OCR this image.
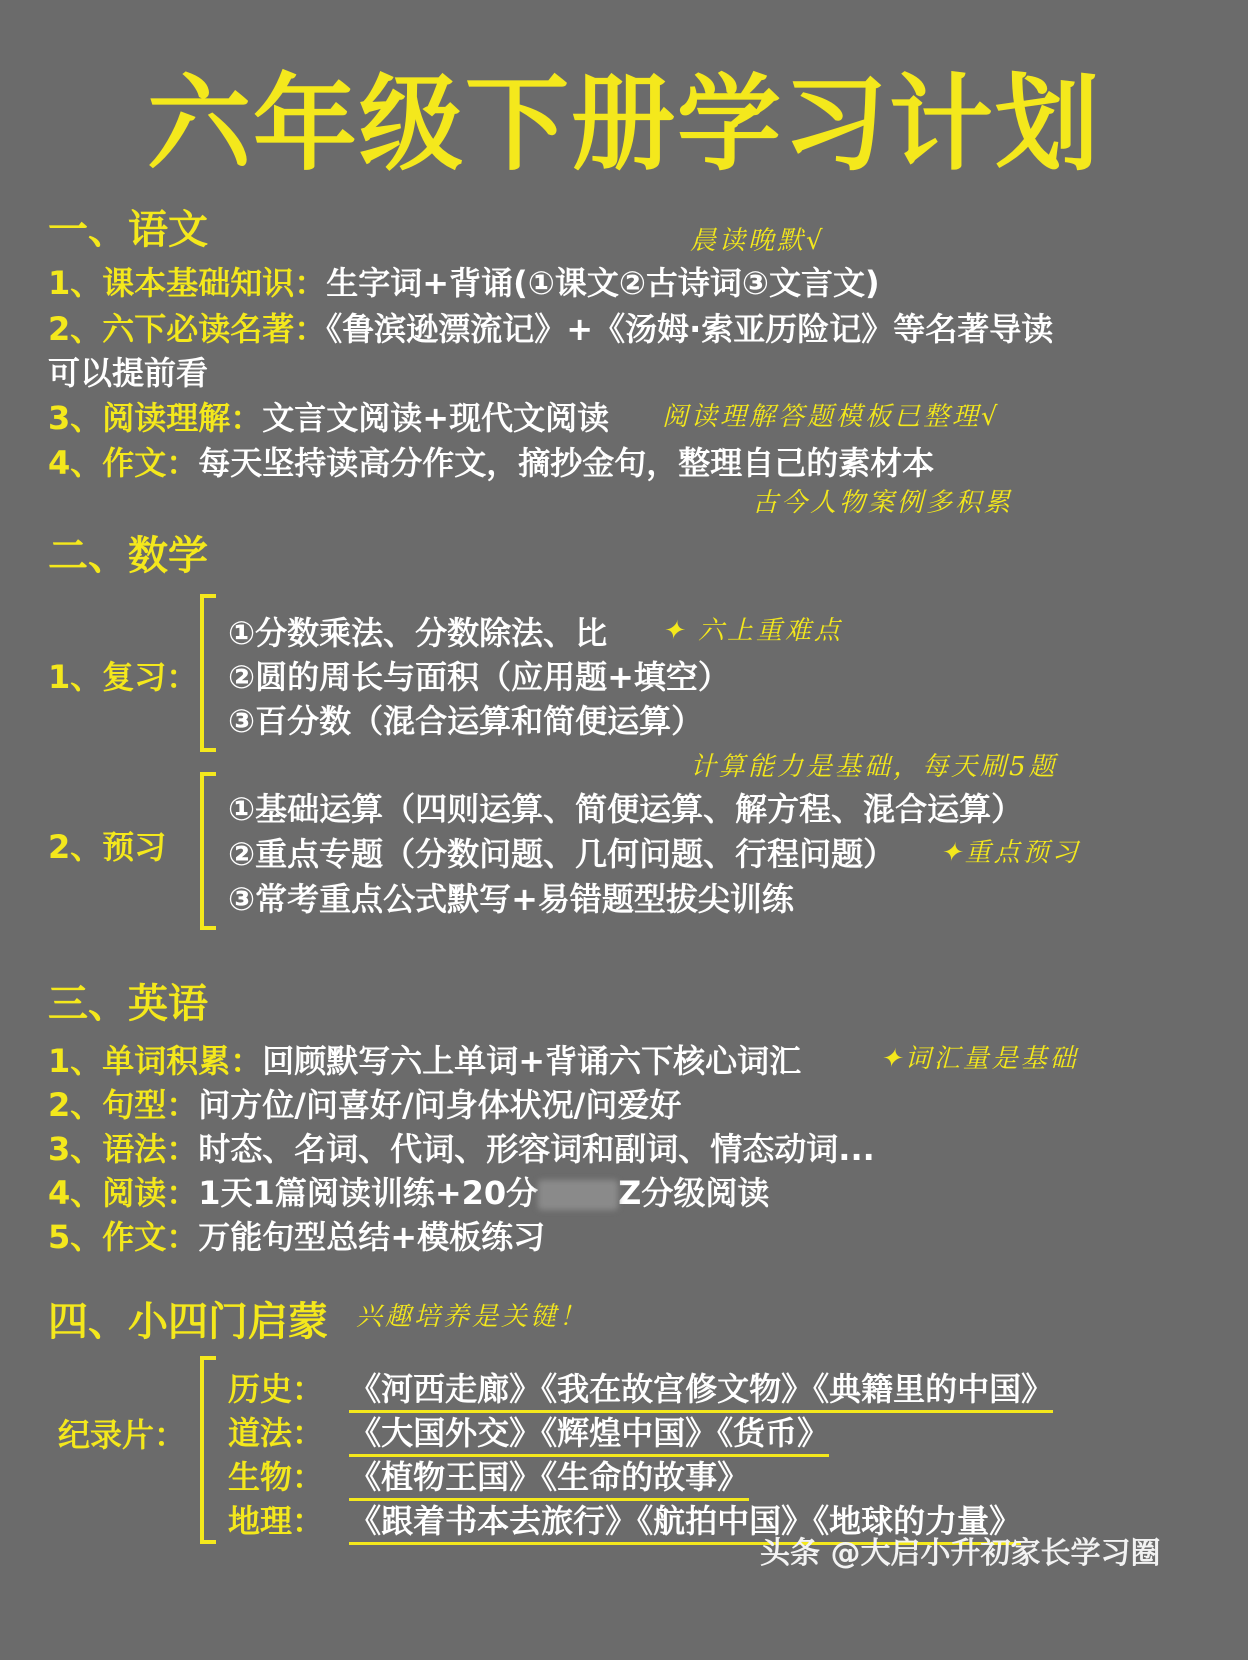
六年级下册学习计划
一、语文	晨读晚默√
1、课本基础知识：生字词+背诵(①课文②古诗词③文言文)
2、六下必读名著：《鲁滨逊漂流记》+《汤姆·索亚历险记》等名著导读
可以提前看
3、阅读理解：文言文阅读+现代文阅读 阅读理解答题模板已整理√
4、作文：每天坚持读高分作文，摘抄金句，整理自己的素材本
古今人物案例多积累
二、数学
1、复习：
①分数乘法、分数除法、比 ✦ 六上重难点
②圆的周长与面积（应用题+填空）
③百分数（混合运算和简便运算）
计算能力是基础，每天刷5题
2、预习
①基础运算（四则运算、简便运算、解方程、混合运算）
②重点专题（分数问题、几何问题、行程问题） ✦重点预习
③常考重点公式默写+易错题型拔尖训练
三、英语
1、单词积累：回顾默写六上单词+背诵六下核心词汇	✦词汇量是基础
2、句型：问方位/问喜好/问身体状况/问爱好
3、语法：时态、名词、代词、形容词和副词、情态动词...
4、阅读：1天1篇阅读训练+20分	Z分级阅读
5、作文：万能句型总结+模板练习
四、小四门启蒙 兴趣培养是关键！
纪录片：
历史： 《河西走廊》《我在故宫修文物》《典籍里的中国》
道法： 《大国外交》《辉煌中国》《货币》
生物： 《植物王国》《生命的故事》
地理： 《跟着书本去旅行》《航拍中国》《地球的力量》
头条 @大启小升初家长学习圈
